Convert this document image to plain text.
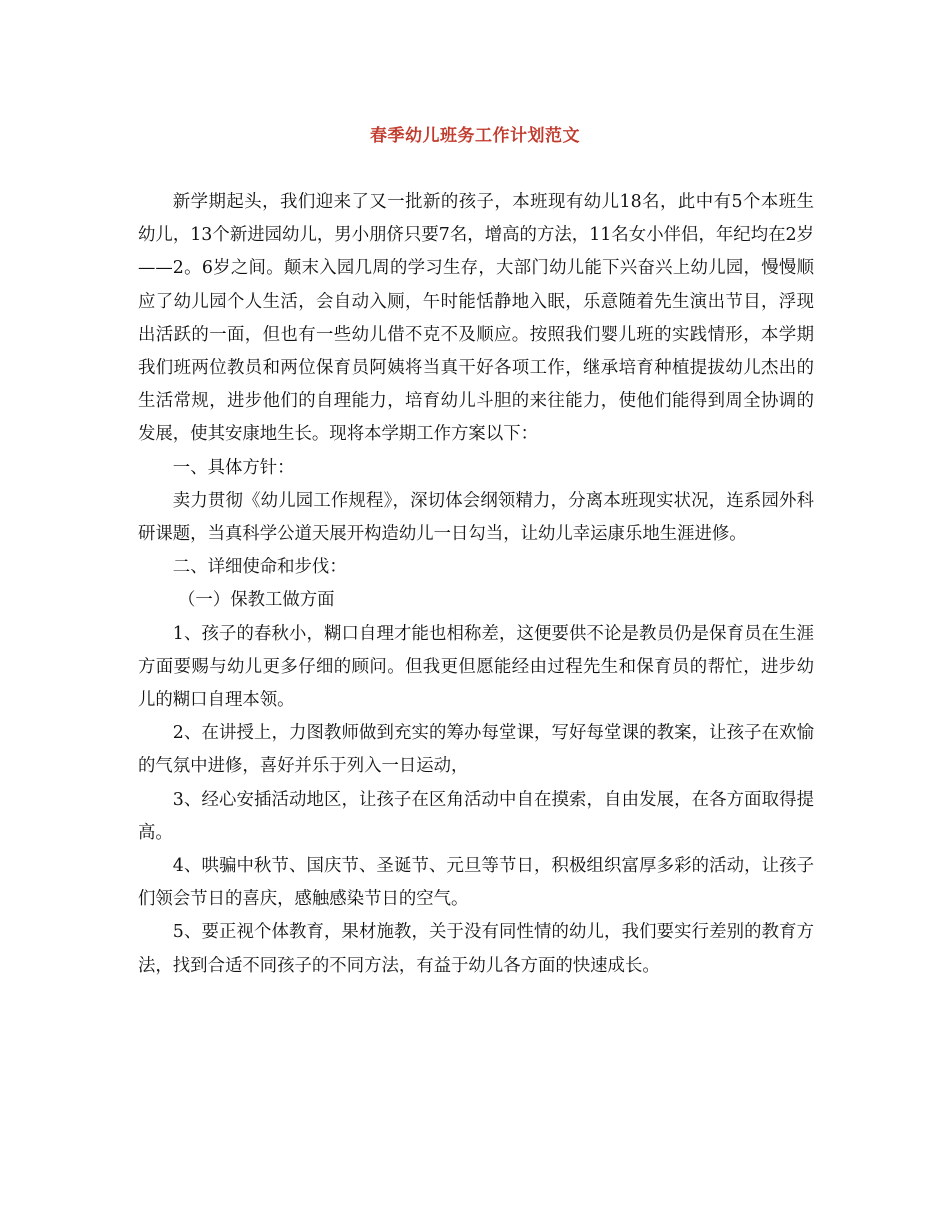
春季幼儿班务工作计划范文

新学期起头，我们迎来了又一批新的孩子，本班现有幼儿18名，此中有5个本班生幼儿，13个新进园幼儿，男小朋侪只要7名，增高的方法，11名女小伴侣，年纪均在2岁——2。6岁之间。颠末入园几周的学习生存，大部门幼儿能下兴奋兴上幼儿园，慢慢顺应了幼儿园个人生活，会自动入厕，午时能恬静地入眠，乐意随着先生演出节目，浮现出活跃的一面，但也有一些幼儿借不克不及顺应。按照我们婴儿班的实践情形，本学期我们班两位教员和两位保育员阿姨将当真干好各项工作，继承培育种植提拔幼儿杰出的生活常规，进步他们的自理能力，培育幼儿斗胆的来往能力，使他们能得到周全协调的发展，使其安康地生长。现将本学期工作方案以下：

一、具体方针：

卖力贯彻《幼儿园工作规程》，深切体会纲领精力，分离本班现实状况，连系园外科研课题，当真科学公道天展开构造幼儿一日勾当，让幼儿幸运康乐地生涯进修。

二、详细使命和步伐：

（一）保教工做方面

1、孩子的春秋小，糊口自理才能也相称差，这便要供不论是教员仍是保育员在生涯方面要赐与幼儿更多仔细的顾问。但我更但愿能经由过程先生和保育员的帮忙，进步幼儿的糊口自理本领。

2、在讲授上，力图教师做到充实的筹办每堂课，写好每堂课的教案，让孩子在欢愉的气氛中进修，喜好并乐于列入一日运动，

3、经心安插活动地区，让孩子在区角活动中自在摸索，自由发展，在各方面取得提高。

4、哄骗中秋节、国庆节、圣诞节、元旦等节日，积极组织富厚多彩的活动，让孩子们领会节日的喜庆，感触感染节日的空气。

5、要正视个体教育，果材施教，关于没有同性情的幼儿，我们要实行差别的教育方法，找到合适不同孩子的不同方法，有益于幼儿各方面的快速成长。
